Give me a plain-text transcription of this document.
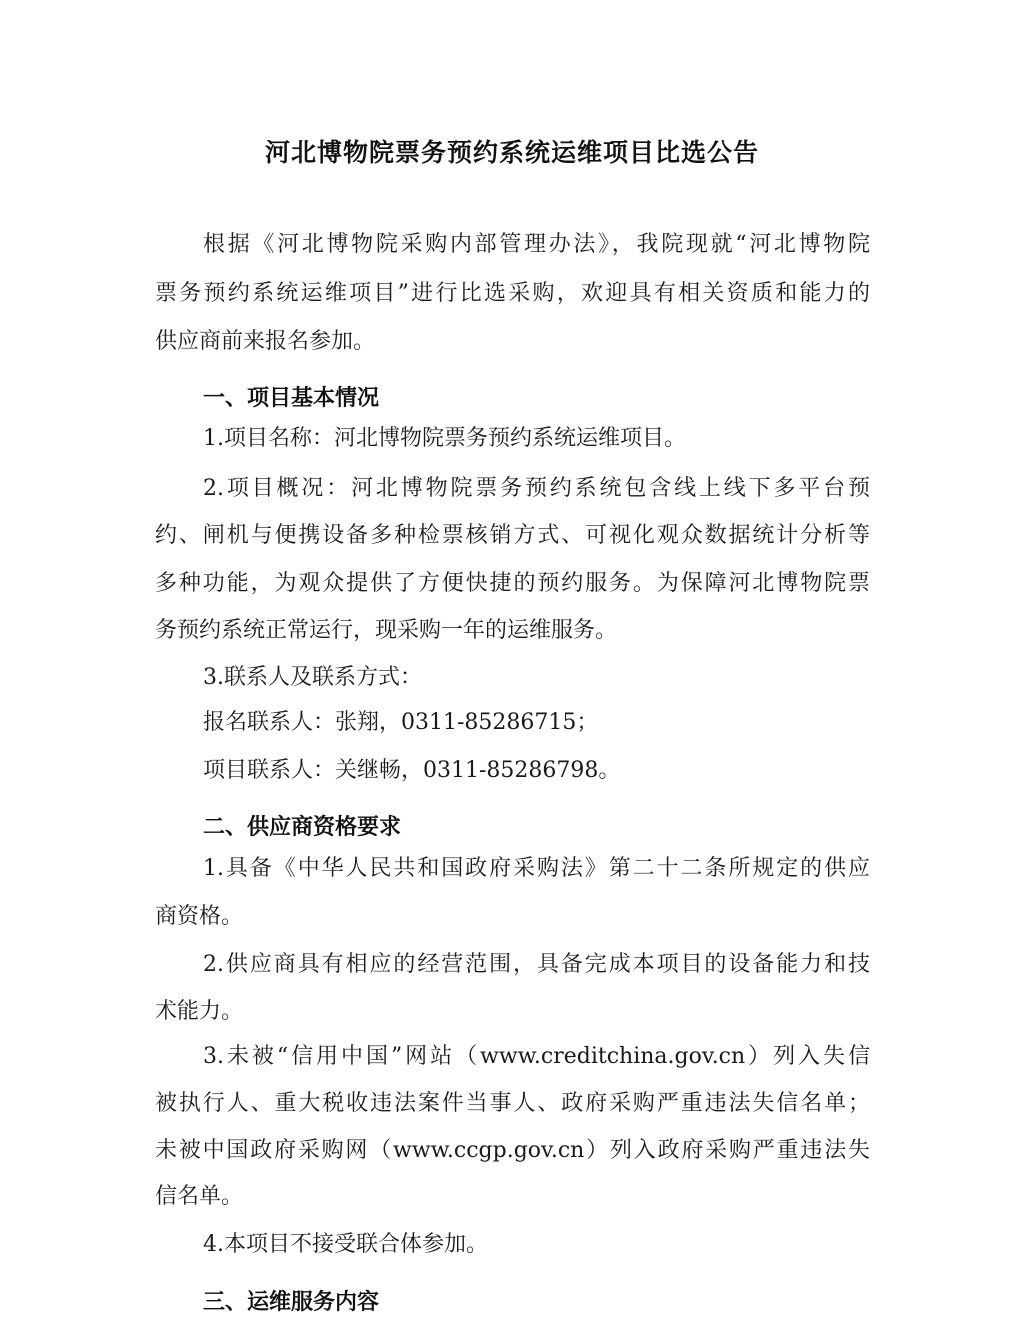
河北博物院票务预约系统运维项目比选公告
根据《河北博物院采购内部管理办法》，我院现就“河北博物院
票务预约系统运维项目”进行比选采购，欢迎具有相关资质和能力的
供应商前来报名参加。
一、项目基本情况
1.项目名称：河北博物院票务预约系统运维项目。
2.项目概况：河北博物院票务预约系统包含线上线下多平台预
约、闸机与便携设备多种检票核销方式、可视化观众数据统计分析等
多种功能，为观众提供了方便快捷的预约服务。为保障河北博物院票
务预约系统正常运行，现采购一年的运维服务。
3.联系人及联系方式：
报名联系人：张翔，0311-85286715；
项目联系人：关继畅，0311-85286798。
二、供应商资格要求
1.具备《中华人民共和国政府采购法》第二十二条所规定的供应
商资格。
2.供应商具有相应的经营范围，具备完成本项目的设备能力和技
术能力。
3.未被“信用中国”网站（www.creditchina.gov.cn）列入失信
被执行人、重大税收违法案件当事人、政府采购严重违法失信名单；
未被中国政府采购网（www.ccgp.gov.cn）列入政府采购严重违法失
信名单。
4.本项目不接受联合体参加。
三、运维服务内容
